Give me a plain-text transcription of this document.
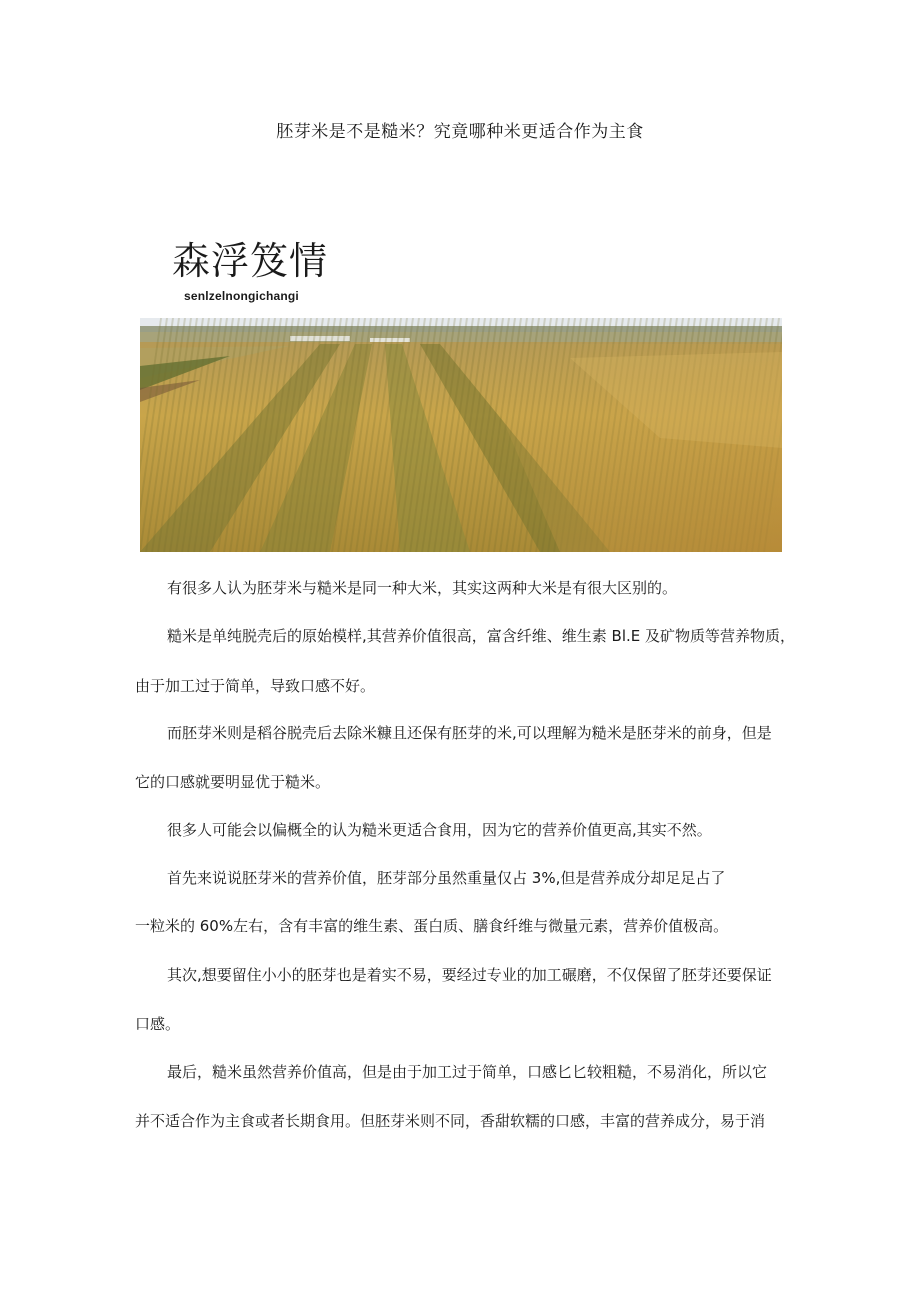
胚芽米是不是糙米？究竟哪种米更适合作为主食
森浮笈情
senlzelnongichangi
有很多人认为胚芽米与糙米是同一种大米，其实这两种大米是有很大区别的。
糙米是单纯脱壳后的原始模样,其营养价值很高，富含纤维、维生素 Bl.E 及矿物质等营养物质，
由于加工过于简单，导致口感不好。
而胚芽米则是稻谷脱壳后去除米糠且还保有胚芽的米,可以理解为糙米是胚芽米的前身，但是
它的口感就要明显优于糙米。
很多人可能会以偏概全的认为糙米更适合食用，因为它的营养价值更高,其实不然。
首先来说说胚芽米的营养价值，胚芽部分虽然重量仅占 3%,但是营养成分却足足占了
一粒米的 60%左右，含有丰富的维生素、蛋白质、膳食纤维与微量元素，营养价值极高。
其次,想要留住小小的胚芽也是着实不易，要经过专业的加工碾磨，不仅保留了胚芽还要保证
口感。
最后，糙米虽然营养价值高，但是由于加工过于简单，口感匕匕较粗糙，不易消化，所以它
并不适合作为主食或者长期食用。但胚芽米则不同，香甜软糯的口感，丰富的营养成分，易于消
